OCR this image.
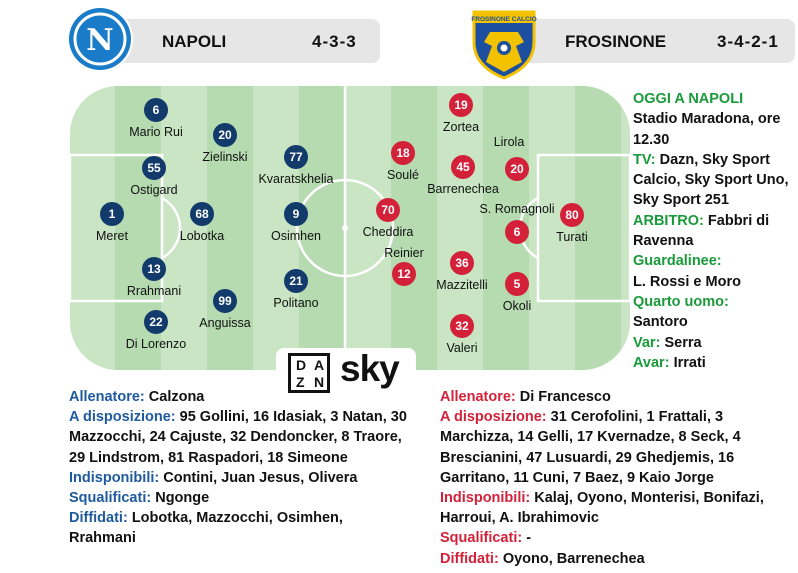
NAPOLI	4-3-3	FROSINONE	3-4-2-1
N
FROSINONE CALCIO
6
Mario Rui	20
Zielinski
55
Ostigard
77
Kvaratskhelia
1
Meret
68
Lobotka
9
Osimhen
13
Rrahmani
21
Politano
99
Anguissa
22
Di Lorenzo
19
Zortea
20
Lirola
18
Soulé
45
Barrenechea
80
Turati
70
Cheddira	6
S. Romagnoli
12
Reinier
36
Mazzitelli	5
Okoli
32
Valeri
OGGI A NAPOLI
Stadio Maradona, ore 12.30
TV: Dazn, Sky Sport Calcio, Sky Sport Uno, Sky Sport 251
ARBITRO: Fabbri di Ravenna
Guardalinee:
L. Rossi e Moro
Quarto uomo:
Santoro
Var: Serra
Avar: Irrati
D A
Z N sky
Allenatore: Calzona
A disposizione: 95 Gollini, 16 Idasiak, 3 Natan, 30 Mazzocchi, 24 Cajuste, 32 Dendoncker, 8 Traore, 29 Lindstrom, 81 Raspadori, 18 Simeone
Indisponibili: Contini, Juan Jesus, Olivera
Squalificati: Ngonge
Diffidati: Lobotka, Mazzocchi, Osimhen, Rrahmani
Allenatore: Di Francesco
A disposizione: 31 Cerofolini, 1 Frattali, 3 Marchizza, 14 Gelli, 17 Kvernadze, 8 Seck, 4 Brescianini, 47 Lusuardi, 29 Ghedjemis, 16 Garritano, 11 Cuni, 7 Baez, 9 Kaio Jorge
Indisponibili: Kalaj, Oyono, Monterisi, Bonifazi, Harroui, A. Ibrahimovic
Squalificati: -
Diffidati: Oyono, Barrenechea
